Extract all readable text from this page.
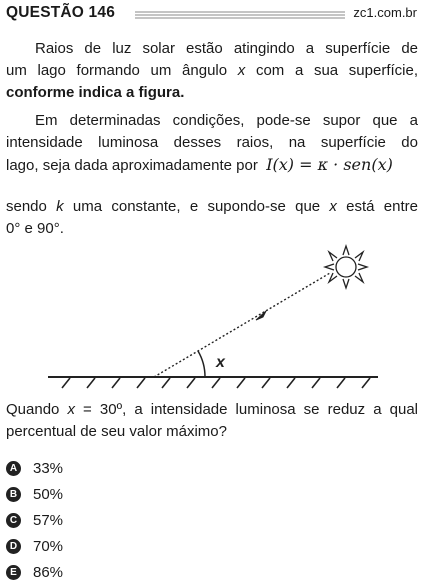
QUESTÃO 146	zc1.com.br
Raios de luz solar estão atingindo a superfície de
um lago formando um ângulo x com a sua superfície,
conforme indica a figura.
Em determinadas condições, pode-se supor que a
intensidade luminosa desses raios, na superfície do
lago, seja dada aproximadamente por I(x) = κ · sen(x)
sendo k uma constante, e supondo-se que x está entre
0° e 90°.
x
Quando x = 30º, a intensidade luminosa se reduz a qual
percentual de seu valor máximo?
A 33%
B 50%
C 57%
D 70%
E 86%
